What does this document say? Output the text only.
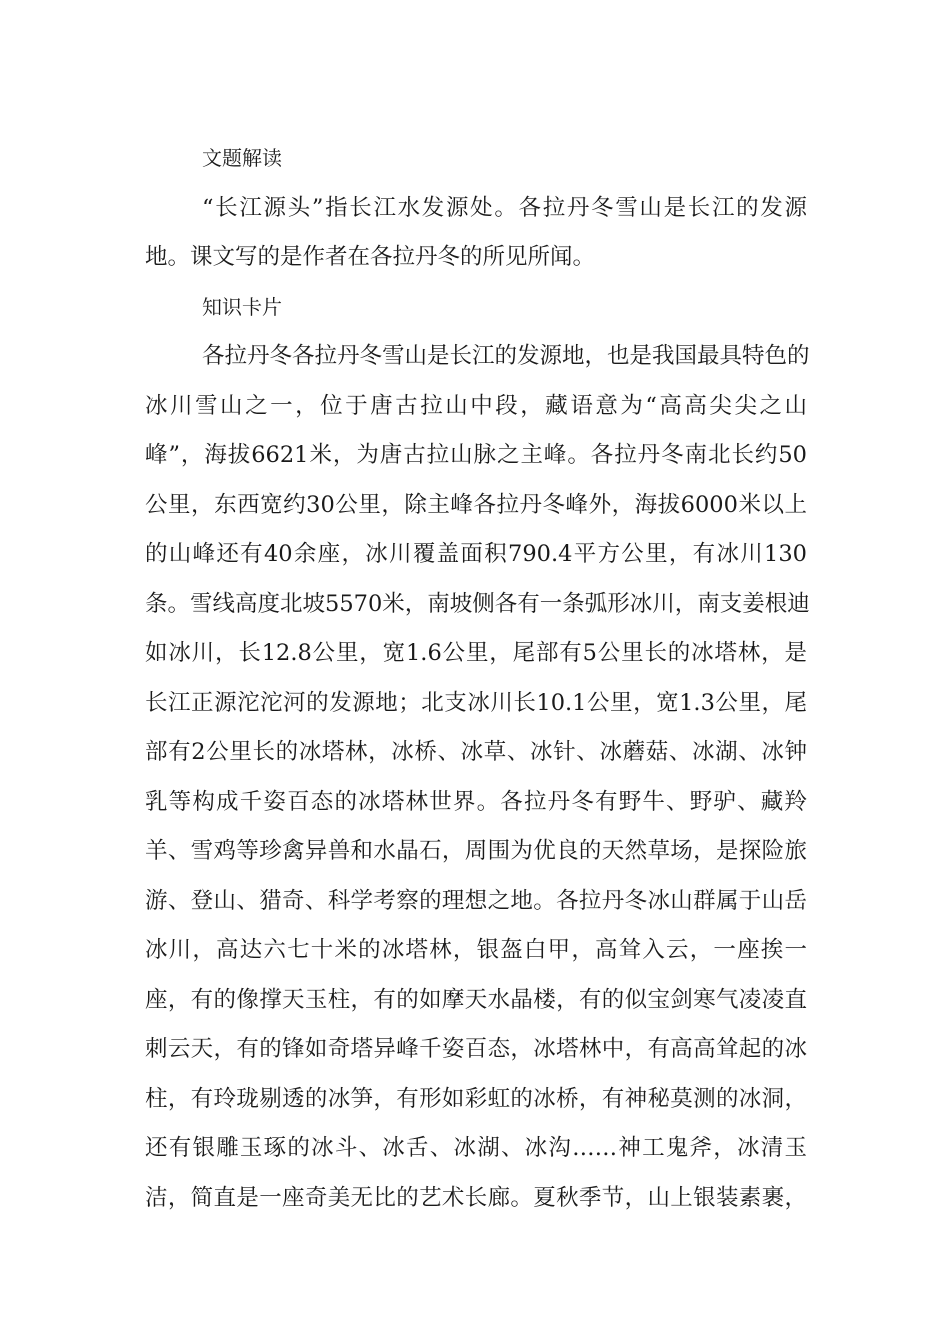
文题解读
“长江源头”指长江水发源处。各拉丹冬雪山是长江的发源
地。课文写的是作者在各拉丹冬的所见所闻。
知识卡片
各拉丹冬各拉丹冬雪山是长江的发源地，也是我国最具特色的
冰川雪山之一，位于唐古拉山中段，藏语意为“高高尖尖之山
峰”，海拔6621米，为唐古拉山脉之主峰。各拉丹冬南北长约50
公里，东西宽约30公里，除主峰各拉丹冬峰外，海拔6000米以上
的山峰还有40余座，冰川覆盖面积790.4平方公里，有冰川130
条。雪线高度北坡5570米，南坡侧各有一条弧形冰川，南支姜根迪
如冰川，长12.8公里，宽1.6公里，尾部有5公里长的冰塔林，是
长江正源沱沱河的发源地；北支冰川长10.1公里，宽1.3公里，尾
部有2公里长的冰塔林，冰桥、冰草、冰针、冰蘑菇、冰湖、冰钟
乳等构成千姿百态的冰塔林世界。各拉丹冬有野牛、野驴、藏羚
羊、雪鸡等珍禽异兽和水晶石，周围为优良的天然草场，是探险旅
游、登山、猎奇、科学考察的理想之地。各拉丹冬冰山群属于山岳
冰川，高达六七十米的冰塔林，银盔白甲，高耸入云，一座挨一
座，有的像撑天玉柱，有的如摩天水晶楼，有的似宝剑寒气凌凌直
刺云天，有的锋如奇塔异峰千姿百态，冰塔林中，有高高耸起的冰
柱，有玲珑剔透的冰笋，有形如彩虹的冰桥，有神秘莫测的冰洞，
还有银雕玉琢的冰斗、冰舌、冰湖、冰沟……神工鬼斧，冰清玉
洁，简直是一座奇美无比的艺术长廊。夏秋季节，山上银装素裹，
